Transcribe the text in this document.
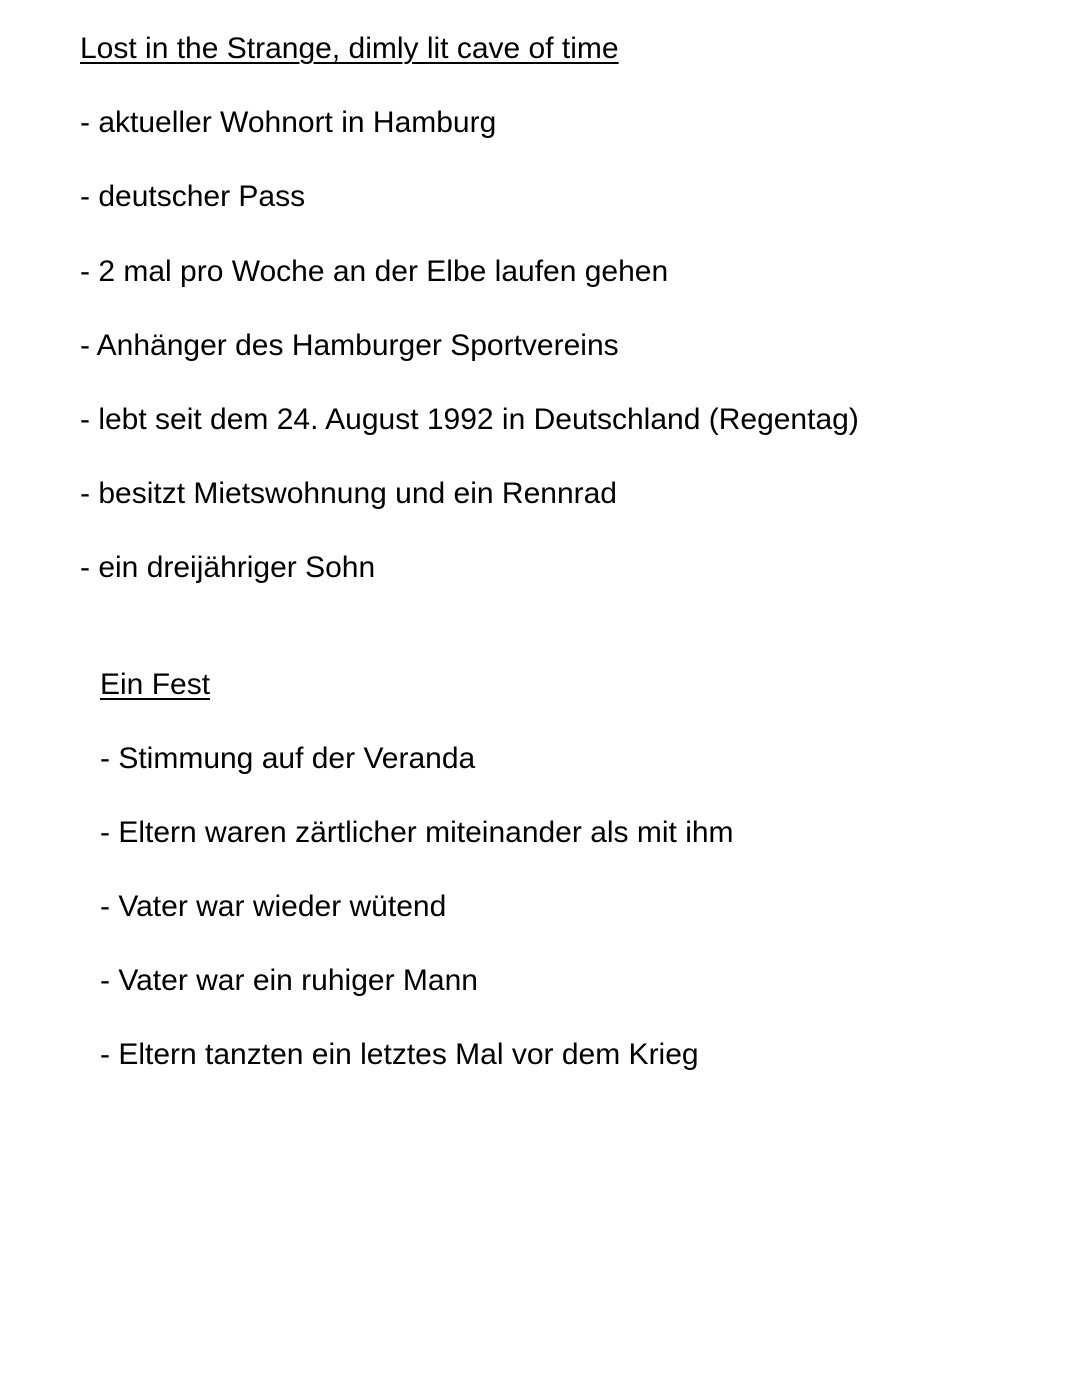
Lost in the Strange, dimly lit cave of time

- aktueller Wohnort in Hamburg

- deutscher Pass

- 2 mal pro Woche an der Elbe laufen gehen

- Anhänger des Hamburger Sportvereins

- lebt seit dem 24. August 1992 in Deutschland (Regentag)

- besitzt Mietswohnung und ein Rennrad

- ein dreijähriger Sohn

Ein Fest

- Stimmung auf der Veranda

- Eltern waren zärtlicher miteinander als mit ihm

- Vater war wieder wütend

- Vater war ein ruhiger Mann

- Eltern tanzten ein letztes Mal vor dem Krieg
